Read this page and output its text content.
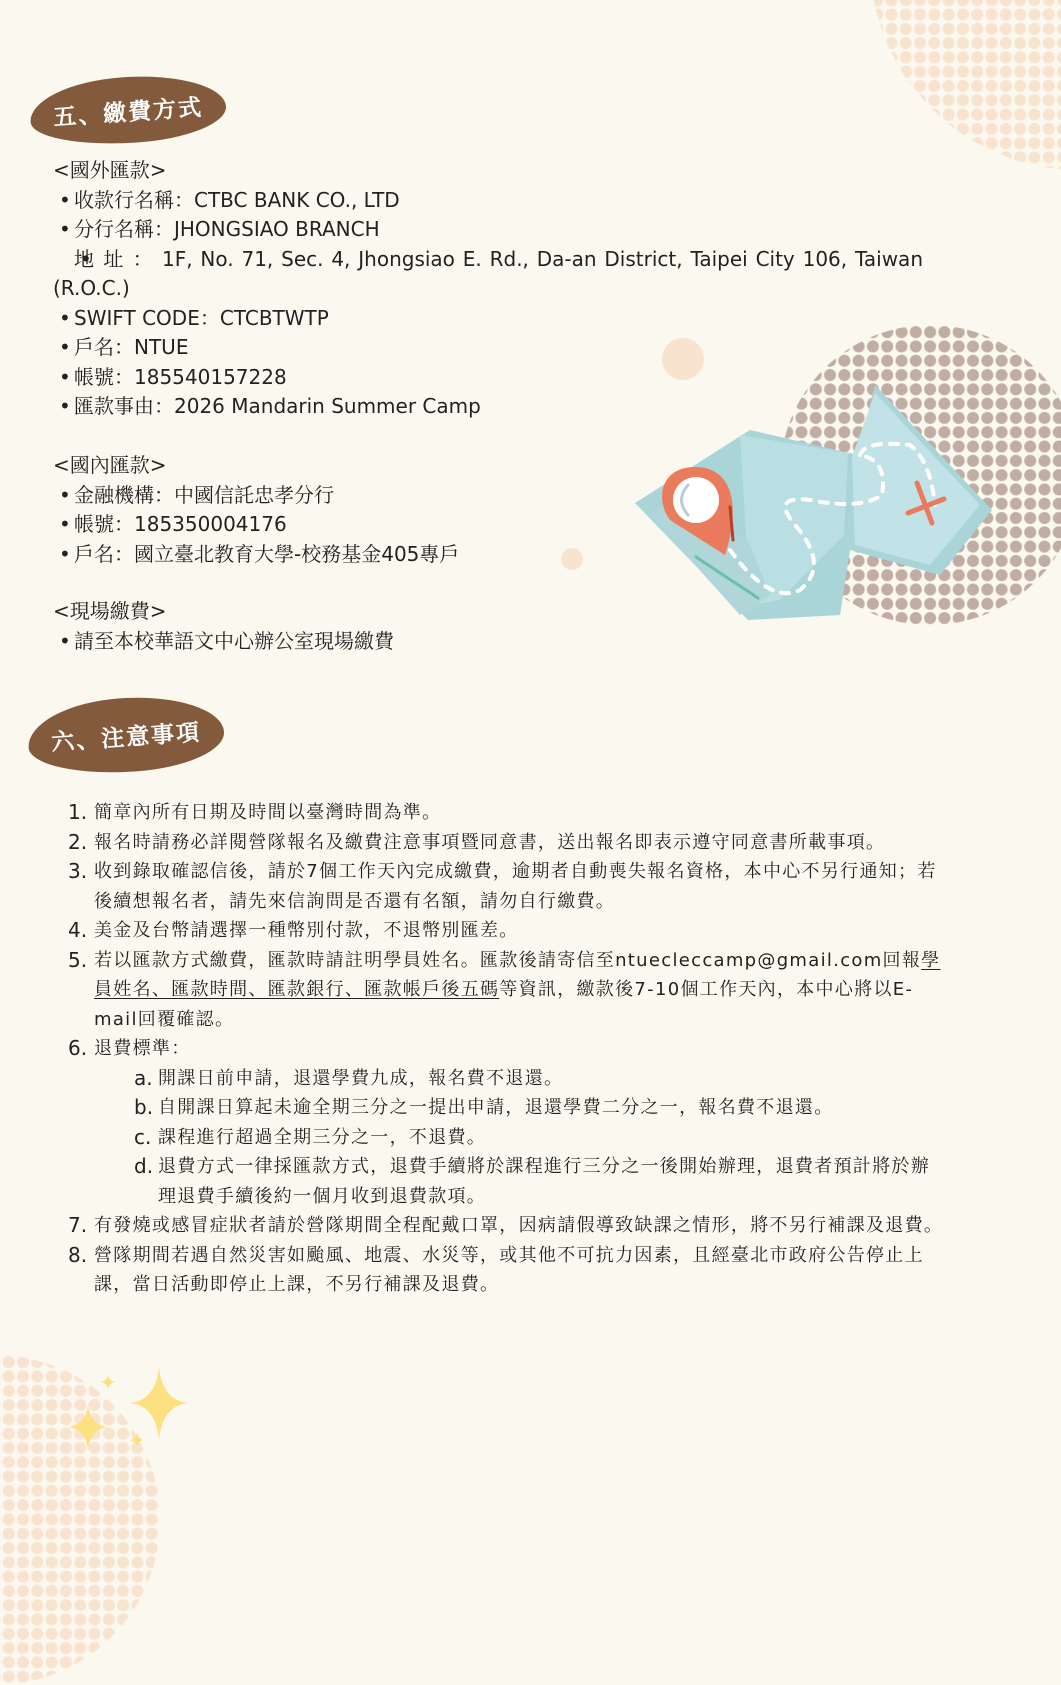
五、繳費方式
<國外匯款>
• 收款行名稱：CTBC BANK CO., LTD
• 分行名稱：JHONGSIAO BRANCH
• 地 址 ： 1F, No. 71, Sec. 4, Jhongsiao E. Rd., Da-an District, Taipei City 106, Taiwan (R.O.C.)
• SWIFT CODE：CTCBTWTP
• 戶名：NTUE
• 帳號：185540157228
• 匯款事由：2026 Mandarin Summer Camp
<國內匯款>
• 金融機構：中國信託忠孝分行
• 帳號：185350004176
• 戶名：國立臺北教育大學-校務基金405專戶
<現場繳費>
• 請至本校華語文中心辦公室現場繳費
六、注意事項
1. 簡章內所有日期及時間以臺灣時間為準。
2. 報名時請務必詳閱營隊報名及繳費注意事項暨同意書，送出報名即表示遵守同意書所載事項。
3. 收到錄取確認信後，請於7個工作天內完成繳費，逾期者自動喪失報名資格，本中心不另行通知；若後續想報名者，請先來信詢問是否還有名額，請勿自行繳費。
4. 美金及台幣請選擇一種幣別付款，不退幣別匯差。
5. 若以匯款方式繳費，匯款時請註明學員姓名。匯款後請寄信至ntuecleccamp@gmail.com回報學員姓名、匯款時間、匯款銀行、匯款帳戶後五碼等資訊，繳款後7-10個工作天內，本中心將以E-mail回覆確認。
6. 退費標準：
a. 開課日前申請，退還學費九成，報名費不退還。
b. 自開課日算起未逾全期三分之一提出申請，退還學費二分之一，報名費不退還。
c. 課程進行超過全期三分之一，不退費。
d. 退費方式一律採匯款方式，退費手續將於課程進行三分之一後開始辦理，退費者預計將於辦理退費手續後約一個月收到退費款項。
7. 有發燒或感冒症狀者請於營隊期間全程配戴口罩，因病請假導致缺課之情形，將不另行補課及退費。
8. 營隊期間若遇自然災害如颱風、地震、水災等，或其他不可抗力因素，且經臺北市政府公告停止上課，當日活動即停止上課，不另行補課及退費。
